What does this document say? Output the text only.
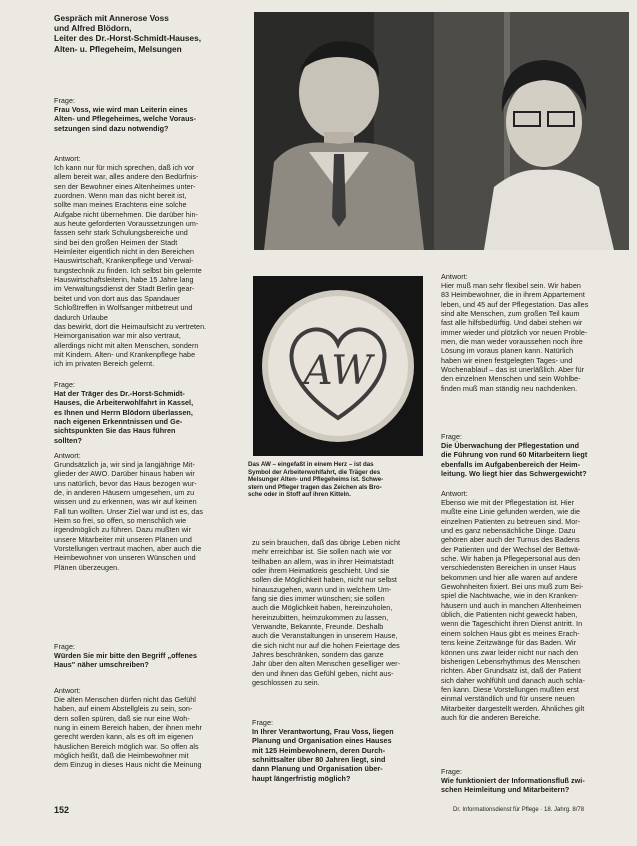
Gespräch mit Annerose Voss
und Alfred Blödorn,
Leiter des Dr.-Horst-Schmidt-Hauses,
Alten- u. Pflegeheim, Melsungen
Frage:
Frau Voss, wie wird man Leiterin eines
Alten- und Pflegeheimes, welche Voraus-
setzungen sind dazu notwendig?
Antwort:
Ich kann nur für mich sprechen, daß ich vor
allem bereit war, alles andere den Bedürfnis-
sen der Bewohner eines Altenheimes unter-
zuordnen. Wenn man das nicht bereit ist,
sollte man meines Erachtens eine solche
Aufgabe nicht übernehmen. Die darüber hin-
aus heute geforderten Voraussetzungen um-
fassen sehr stark Schulungsbereiche und
sind bei den großen Heimen der Stadt
Heimleiter eigentlich nicht in den Bereichen
Hauswirtschaft, Krankenpflege und Verwal-
tungstechnik zu finden. Ich selbst bin gelernte
Hauswirtschaftsleiterin, habe 15 Jahre lang
im Verwaltungsdienst der Stadt Berlin gear-
beitet und von dort aus das Spandauer
Schloßtreffen in Wolfsanger mitbetreut und
dadurch Urlaube
das bewirkt, dort die Heimaufsicht zu vertreten.
Heimorganisation war mir also vertraut,
allerdings nicht mit alten Menschen, sondern
mit Kindern. Alten- und Krankenpflege habe
ich im privaten Bereich gelernt.
Frage:
Hat der Träger des Dr.-Horst-Schmidt-
Hauses, die Arbeiterwohlfahrt in Kassel,
es Ihnen und Herrn Blödorn überlassen,
nach eigenen Erkenntnissen und Ge-
sichtspunkten Sie das Haus führen
sollten?
Antwort:
Grundsätzlich ja, wir sind ja langjährige Mit-
glieder der AWO. Darüber hinaus haben wir
uns natürlich, bevor das Haus bezogen wur-
de, in anderen Häusern umgesehen, um zu
wissen und zu erkennen, was wir auf keinen
Fall tun wollten. Unser Ziel war und ist es, das
Heim so frei, so offen, so menschlich wie
irgendmöglich zu führen. Dazu mußten wir
unsere Mitarbeiter mit unseren Plänen und
Vorstellungen vertraut machen, aber auch die
Heimbewohner von unseren Wünschen und
Plänen überzeugen.
Frage:
Würden Sie mir bitte den Begriff „offenes
Haus" näher umschreiben?
Antwort:
Die alten Menschen dürfen nicht das Gefühl
haben, auf einem Abstellgleis zu sein, son-
dern sollen spüren, daß sie nur eine Woh-
nung in einem Bereich haben, der ihnen mehr
gerecht werden kann, als es oft im eigenen
häuslichen Bereich möglich war. So offen als
möglich heißt, daß die Heimbewohner mit
dem Einzug in dieses Haus nicht die Meinung
AW
Das AW – eingefaßt in einem Herz – ist das
Symbol der Arbeiterwohlfahrt, die Träger des
Melsunger Alten- und Pflegeheims ist. Schwe-
stern und Pfleger tragen das Zeichen als Bro-
sche oder in Stoff auf ihren Kitteln.
zu sein brauchen, daß das übrige Leben nicht
mehr erreichbar ist. Sie sollen nach wie vor
teilhaben an allem, was in ihrer Heimatstadt
oder ihrem Heimatkreis geschieht. Und sie
sollen die Möglichkeit haben, nicht nur selbst
hinauszugehen, wann und in welchem Um-
fang sie dies immer wünschen; sie sollen
auch die Möglichkeit haben, hereinzuholen,
hereinzubitten, heimzukommen zu lassen,
Verwandte, Bekannte, Freunde. Deshalb
auch die Veranstaltungen in unserem Hause,
die sich nicht nur auf die hohen Feiertage des
Jahres beschränken, sondern das ganze
Jahr über den alten Menschen geselliger wer-
den und ihnen das Gefühl geben, nicht aus-
geschlossen zu sein.
Frage:
In Ihrer Verantwortung, Frau Voss, liegen
Planung und Organisation eines Hauses
mit 125 Heimbewohnern, deren Durch-
schnittsalter über 80 Jahren liegt, sind
dann Planung und Organisation über-
haupt längerfristig möglich?
Antwort:
Hier muß man sehr flexibel sein. Wir haben
83 Heimbewohner, die in ihrem Appartement
leben, und 45 auf der Pflegestation. Das alles
sind alte Menschen, zum großen Teil kaum
fast alle hilfsbedürftig. Und dabei stehen wir
immer wieder und plötzlich vor neuen Proble-
men, die man weder voraussehen noch ihre
Lösung im voraus planen kann. Natürlich
haben wir einen festgelegten Tages- und
Wochenablauf – das ist unerläßlich. Aber für
den einzelnen Menschen und sein Wohlbe-
finden muß man ständig neu nachdenken.
Frage:
Die Überwachung der Pflegestation und
die Führung von rund 60 Mitarbeitern liegt
ebenfalls im Aufgabenbereich der Heim-
leitung. Wo liegt hier das Schwergewicht?
Antwort:
Ebenso wie mit der Pflegestation ist. Hier
mußte eine Linie gefunden werden, wie die
einzelnen Patienten zu betreuen sind. Mor-
und es ganz nebensächliche Dinge. Dazu
gehören aber auch der Turnus des Badens
der Patienten und der Wechsel der Bettwä-
sche. Wir haben ja Pflegepersonal aus den
verschiedensten Bereichen in unser Haus
bekommen und hier alle waren auf andere
Gewohnheiten fixiert. Bei uns muß zum Bei-
spiel die Nachtwache, wie in den Kranken-
häusern und auch in manchen Altenheimen
üblich, die Patienten nicht geweckt haben,
wenn die Tageschicht ihren Dienst antritt. In
einem solchen Haus gibt es meines Erach-
tens keine Zeitzwänge für das Baden. Wir
können uns zwar leider nicht nur nach den
bisherigen Lebensrhythmus des Menschen
richten. Aber Grundsatz ist, daß der Patient
sich daher wohlfühlt und danach auch schla-
fen kann. Diese Vorstellungen mußten erst
einmal verständlich und für unsere neuen
Mitarbeiter dargestellt werden. Ähnliches gilt
auch für die anderen Bereiche.
Frage:
Wie funktioniert der Informationsfluß zwi-
schen Heimleitung und Mitarbeitern?
152	Dr. Informationsdienst für Pflege · 18. Jahrg. 8/78
